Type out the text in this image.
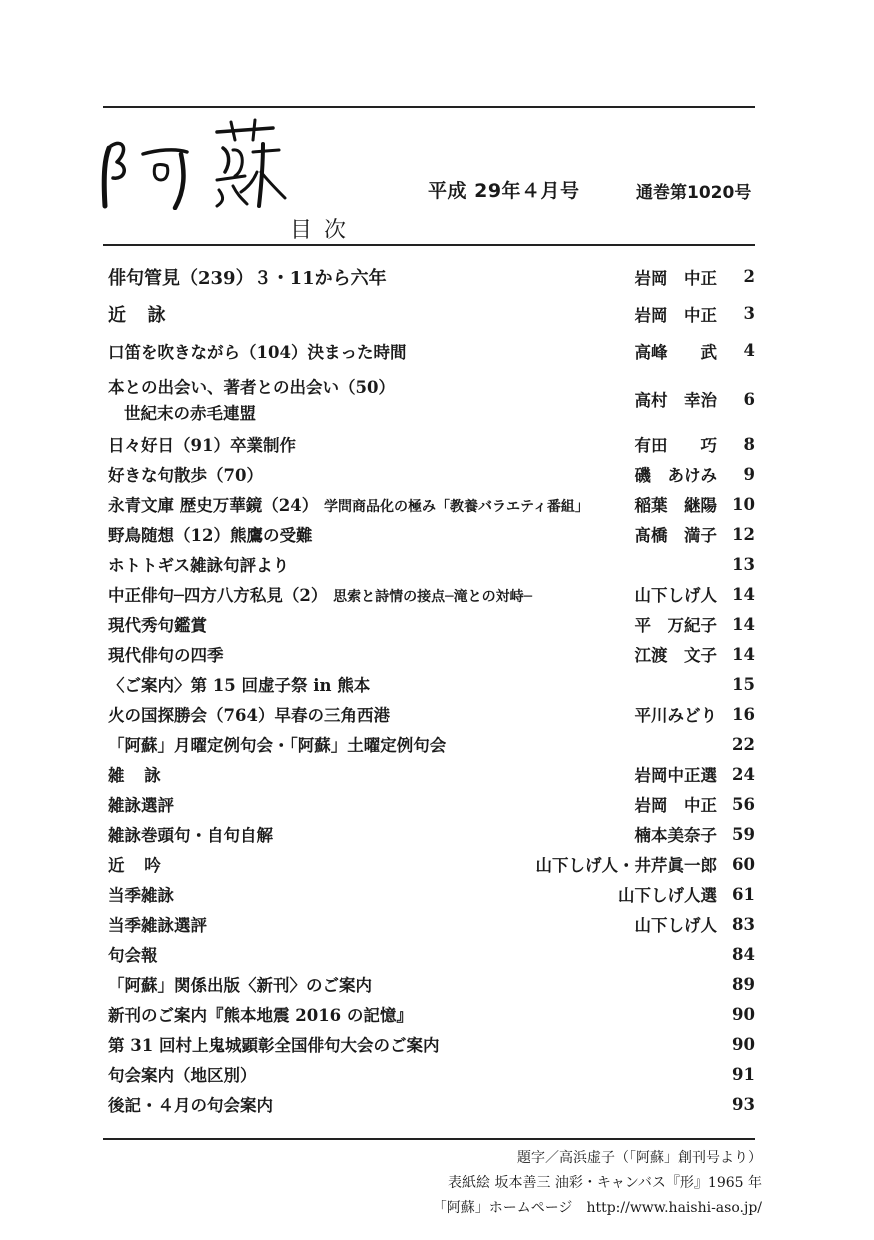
平成 29年４月号	通巻第1020号
目次
俳句管見（239）３・11から六年	岩岡　中正	2
近詠	岩岡　中正	3
口笛を吹きながら（104）決まった時間	高峰　　武	4
本との出会い、著者との出会い（50）
世紀末の赤毛連盟
高村　幸治	6
日々好日（91）卒業制作	有田　　巧	8
好きな句散歩（70）	磯　あけみ	9
永青文庫 歴史万華鏡（24） 学問商品化の極み「教養バラエティ番組」	稲葉　継陽 10
野鳥随想（12）熊鷹の受難	髙橋　満子 12
ホトトギス雑詠句評より	13
中正俳句─四方八方私見（2） 思索と詩情の接点─滝との対峙─	山下しげ人 14
現代秀句鑑賞	平　万紀子 14
現代俳句の四季	江渡　文子 14
〈ご案内〉第 15 回虚子祭 in 熊本	15
火の国探勝会（764）早春の三角西港	平川みどり 16
「阿蘇」月曜定例句会・「阿蘇」土曜定例句会	22
雑詠	岩岡中正選 24
雑詠選評	岩岡　中正 56
雑詠巻頭句・自句自解	楠本美奈子 59
近吟	山下しげ人・井芹眞一郎 60
当季雑詠	山下しげ人選 61
当季雑詠選評	山下しげ人 83
句会報	84
「阿蘇」関係出版〈新刊〉のご案内	89
新刊のご案内『熊本地震 2016 の記憶』	90
第 31 回村上鬼城顕彰全国俳句大会のご案内	90
句会案内（地区別）	91
後記・４月の句会案内	93
題字／高浜虚子（「阿蘇」創刊号より）
表紙絵 坂本善三 油彩・キャンバス『形』1965 年
「阿蘇」ホームページ http://www.haishi-aso.jp/
